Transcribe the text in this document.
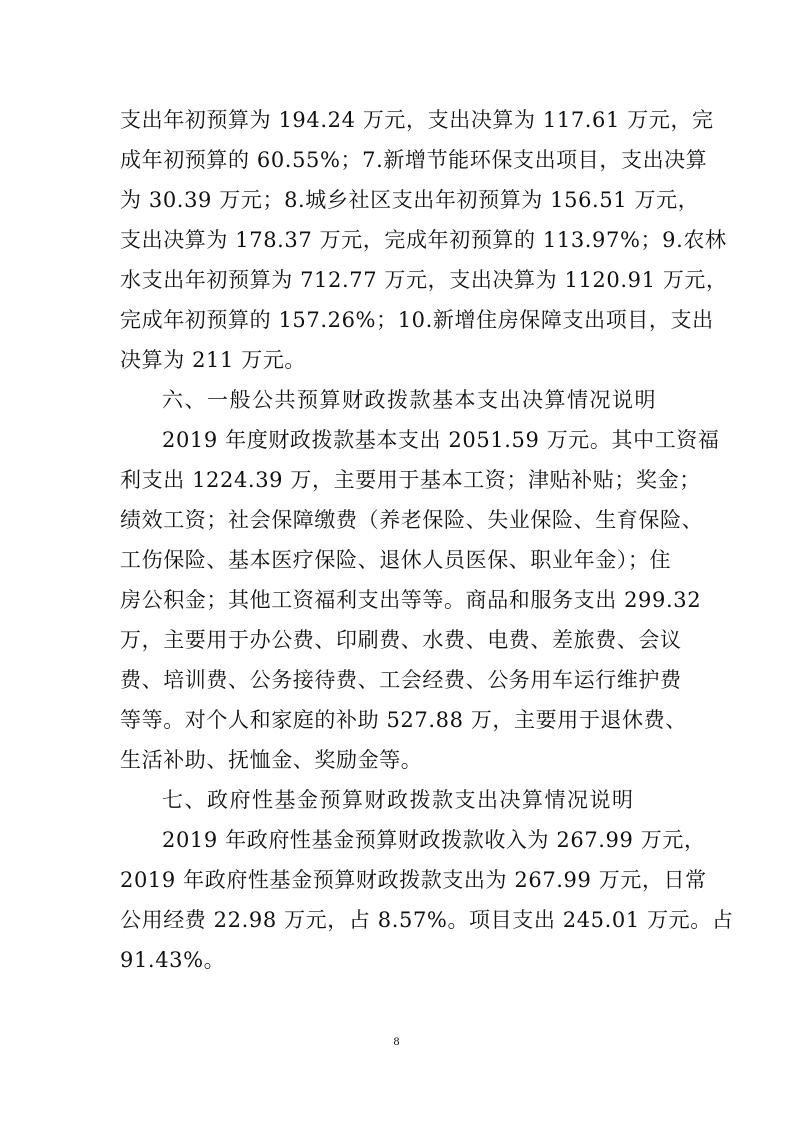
支出年初预算为 194.24 万元，支出决算为 117.61 万元，完
成年初预算的 60.55%；7.新增节能环保支出项目，支出决算
为 30.39 万元；8.城乡社区支出年初预算为 156.51 万元，
支出决算为 178.37 万元，完成年初预算的 113.97%；9.农林
水支出年初预算为 712.77 万元，支出决算为 1120.91 万元，
完成年初预算的 157.26%；10.新增住房保障支出项目，支出
决算为 211 万元。
六、一般公共预算财政拨款基本支出决算情况说明
2019 年度财政拨款基本支出 2051.59 万元。其中工资福
利支出 1224.39 万，主要用于基本工资；津贴补贴；奖金；
绩效工资；社会保障缴费（养老保险、失业保险、生育保险、
工伤保险、基本医疗保险、退休人员医保、职业年金）；住
房公积金；其他工资福利支出等等。商品和服务支出 299.32
万，主要用于办公费、印刷费、水费、电费、差旅费、会议
费、培训费、公务接待费、工会经费、公务用车运行维护费
等等。对个人和家庭的补助 527.88 万，主要用于退休费、
生活补助、抚恤金、奖励金等。
七、政府性基金预算财政拨款支出决算情况说明
2019 年政府性基金预算财政拨款收入为 267.99 万元，
2019 年政府性基金预算财政拨款支出为 267.99 万元，日常
公用经费 22.98 万元，占 8.57%。项目支出 245.01 万元。占
91.43%。
8
